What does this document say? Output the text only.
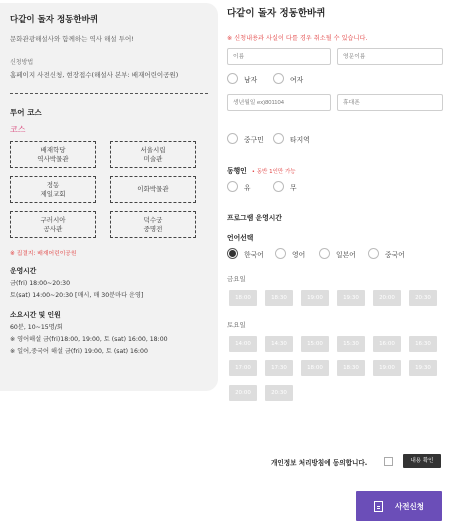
다같이 돌자 정동한바퀴
문화관광해설사와 함께하는 역사 해설 투어!
신청방법
홈페이지 사전신청, 현장접수(해설사 본부: 배재어린이공원)
투어 코스
코스
배재학당
역사박물관
서울시립
미술관
정동
제일교회
이화박물관
구러시아
공사관
덕수궁
중명전
※ 집결지: 배재어린이공원
운영시간
금(fri) 18:00~20:30
토(sat) 14:00~20:30 [매시, 매 30분마다 운영]
소요시간 및 인원
60분, 10~15명/회
※ 영어해설 금(fri)18:00, 19:00, 토 (sat) 16:00, 18:00
※ 일어,중국어 해설 금(fri) 19:00, 토 (sat) 16:00
다같이 돌자 정동한바퀴
※ 신청내용과 사실이 다를 경우 취소될 수 있습니다.
이름
영문이름
남자	여자
생년월일 ex)801104
휴대폰
중구민	타지역
동행인 • 동반 1인만 가능
유	무
프로그램 운영시간
언어선택
한국어	영어	일본어	중국어
금요일
18:00	18:30	19:00	19:30	20:00	20:30
토요일
14:00	14:30	15:00	15:30	16:00	16:30
17:00	17:30	18:00	18:30	19:00	19:30
20:00	20:30
개인정보 처리방침에 동의합니다.	내용 확인
사전신청
